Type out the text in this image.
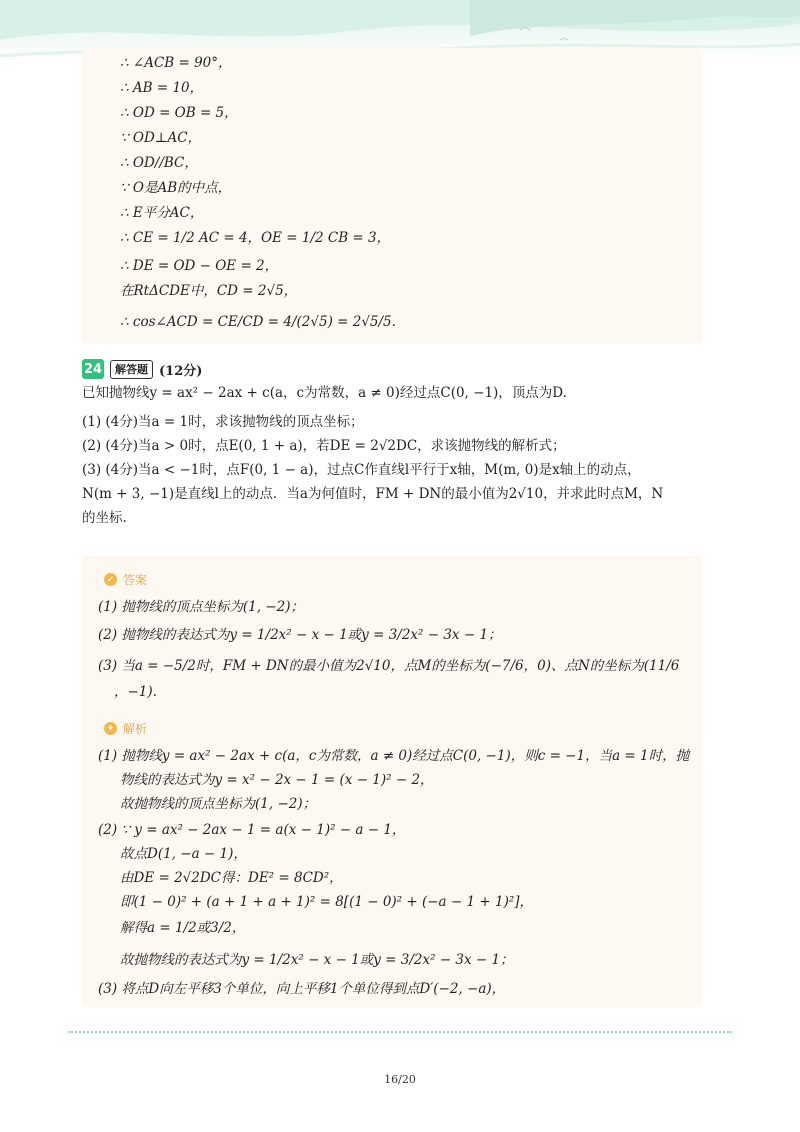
∴ ∠ACB = 90°，
∴ AB = 10，
∴ OD = OB = 5，
∵ OD⊥AC，
∴ OD//BC，
∵ O是AB的中点，
∴ E平分AC，
∴ CE = 1/2 AC = 4，OE = 1/2 CB = 3，
∴ DE = OD − OE = 2，
在RtΔCDE中，CD = 2√5，
∴ cos∠ACD = CE/CD = 4/(2√5) = 2√5/5.
24	解答题 (12分)
已知抛物线y = ax² − 2ax + c(a，c为常数，a ≠ 0)经过点C(0, −1)，顶点为D.
(1) (4分)当a = 1时，求该抛物线的顶点坐标；
(2) (4分)当a > 0时，点E(0, 1 + a)，若DE = 2√2DC，求该抛物线的解析式；
(3) (4分)当a < −1时，点F(0, 1 − a)，过点C作直线l平行于x轴，M(m, 0)是x轴上的动点，
N(m + 3, −1)是直线l上的动点．当a为何值时，FM + DN的最小值为2√10，并求此时点M，N
的坐标.
✓ 答案
(1) 抛物线的顶点坐标为(1, −2)；
(2) 抛物线的表达式为y = 1/2x² − x − 1或y = 3/2x² − 3x − 1；
(3) 当a = −5/2时，FM + DN的最小值为2√10，点M的坐标为(−7/6，0)、点N的坐标为(11/6
，−1).
✦ 解析
(1) 抛物线y = ax² − 2ax + c(a，c为常数，a ≠ 0)经过点C(0, −1)，则c = −1，当a = 1时，抛
物线的表达式为y = x² − 2x − 1 = (x − 1)² − 2，
故抛物线的顶点坐标为(1, −2)；
(2) ∵ y = ax² − 2ax − 1 = a(x − 1)² − a − 1，
故点D(1, −a − 1)，
由DE = 2√2DC得：DE² = 8CD²，
即(1 − 0)² + (a + 1 + a + 1)² = 8[(1 − 0)² + (−a − 1 + 1)²]，
解得a = 1/2或3/2，
故抛物线的表达式为y = 1/2x² − x − 1或y = 3/2x² − 3x − 1；
(3) 将点D向左平移3个单位，向上平移1个单位得到点D′(−2, −a)，
16/20
